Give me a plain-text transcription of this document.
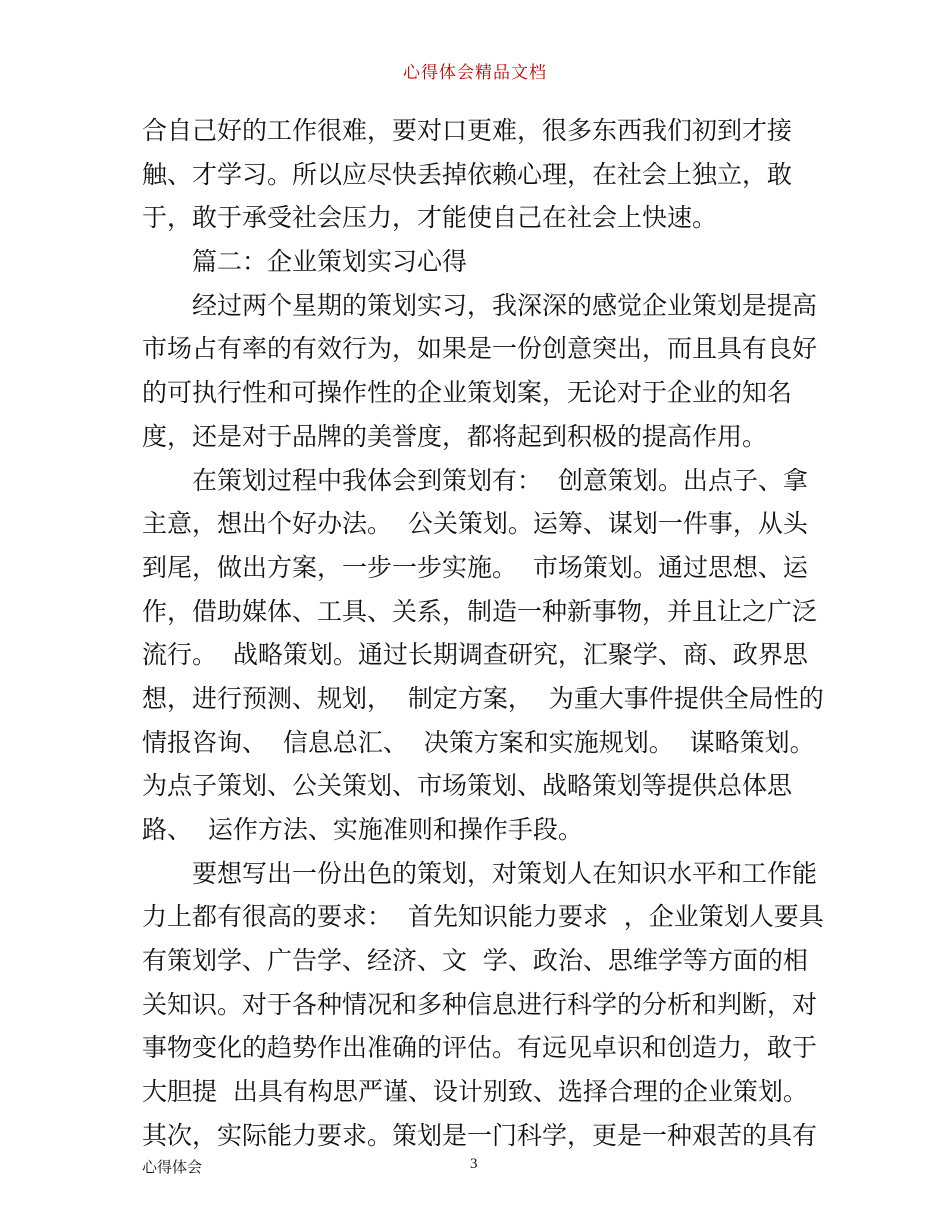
心得体会精品文档
合自己好的工作很难，要对口更难，很多东西我们初到才接
触、才学习。所以应尽快丢掉依赖心理，在社会上独立，敢
于，敢于承受社会压力，才能使自己在社会上快速。
篇二：企业策划实习心得
经过两个星期的策划实习，我深深的感觉企业策划是提高
市场占有率的有效行为，如果是一份创意突出，而且具有良好
的可执行性和可操作性的企业策划案，无论对于企业的知名
度，还是对于品牌的美誉度，都将起到积极的提高作用。
在策划过程中我体会到策划有：  创意策划。出点子、拿
主意，想出个好办法。  公关策划。运筹、谋划一件事，从头
到尾，做出方案，一步一步实施。  市场策划。通过思想、运
作，借助媒体、工具、关系，制造一种新事物，并且让之广泛
流行。  战略策划。通过长期调查研究，汇聚学、商、政界思
想，进行预测、规划，  制定方案，  为重大事件提供全局性的
情报咨询、  信息总汇、  决策方案和实施规划。  谋略策划。
为点子策划、公关策划、市场策划、战略策划等提供总体思
路、  运作方法、实施准则和操作手段。
要想写出一份出色的策划，对策划人在知识水平和工作能
力上都有很高的要求：  首先知识能力要求  ，企业策划人要具
有策划学、广告学、经济、文  学、政治、思维学等方面的相
关知识。对于各种情况和多种信息进行科学的分析和判断，对
事物变化的趋势作出准确的评估。有远见卓识和创造力，敢于
大胆提  出具有构思严谨、设计别致、选择合理的企业策划。
其次，实际能力要求。策划是一门科学，更是一种艰苦的具有
心得体会	3
